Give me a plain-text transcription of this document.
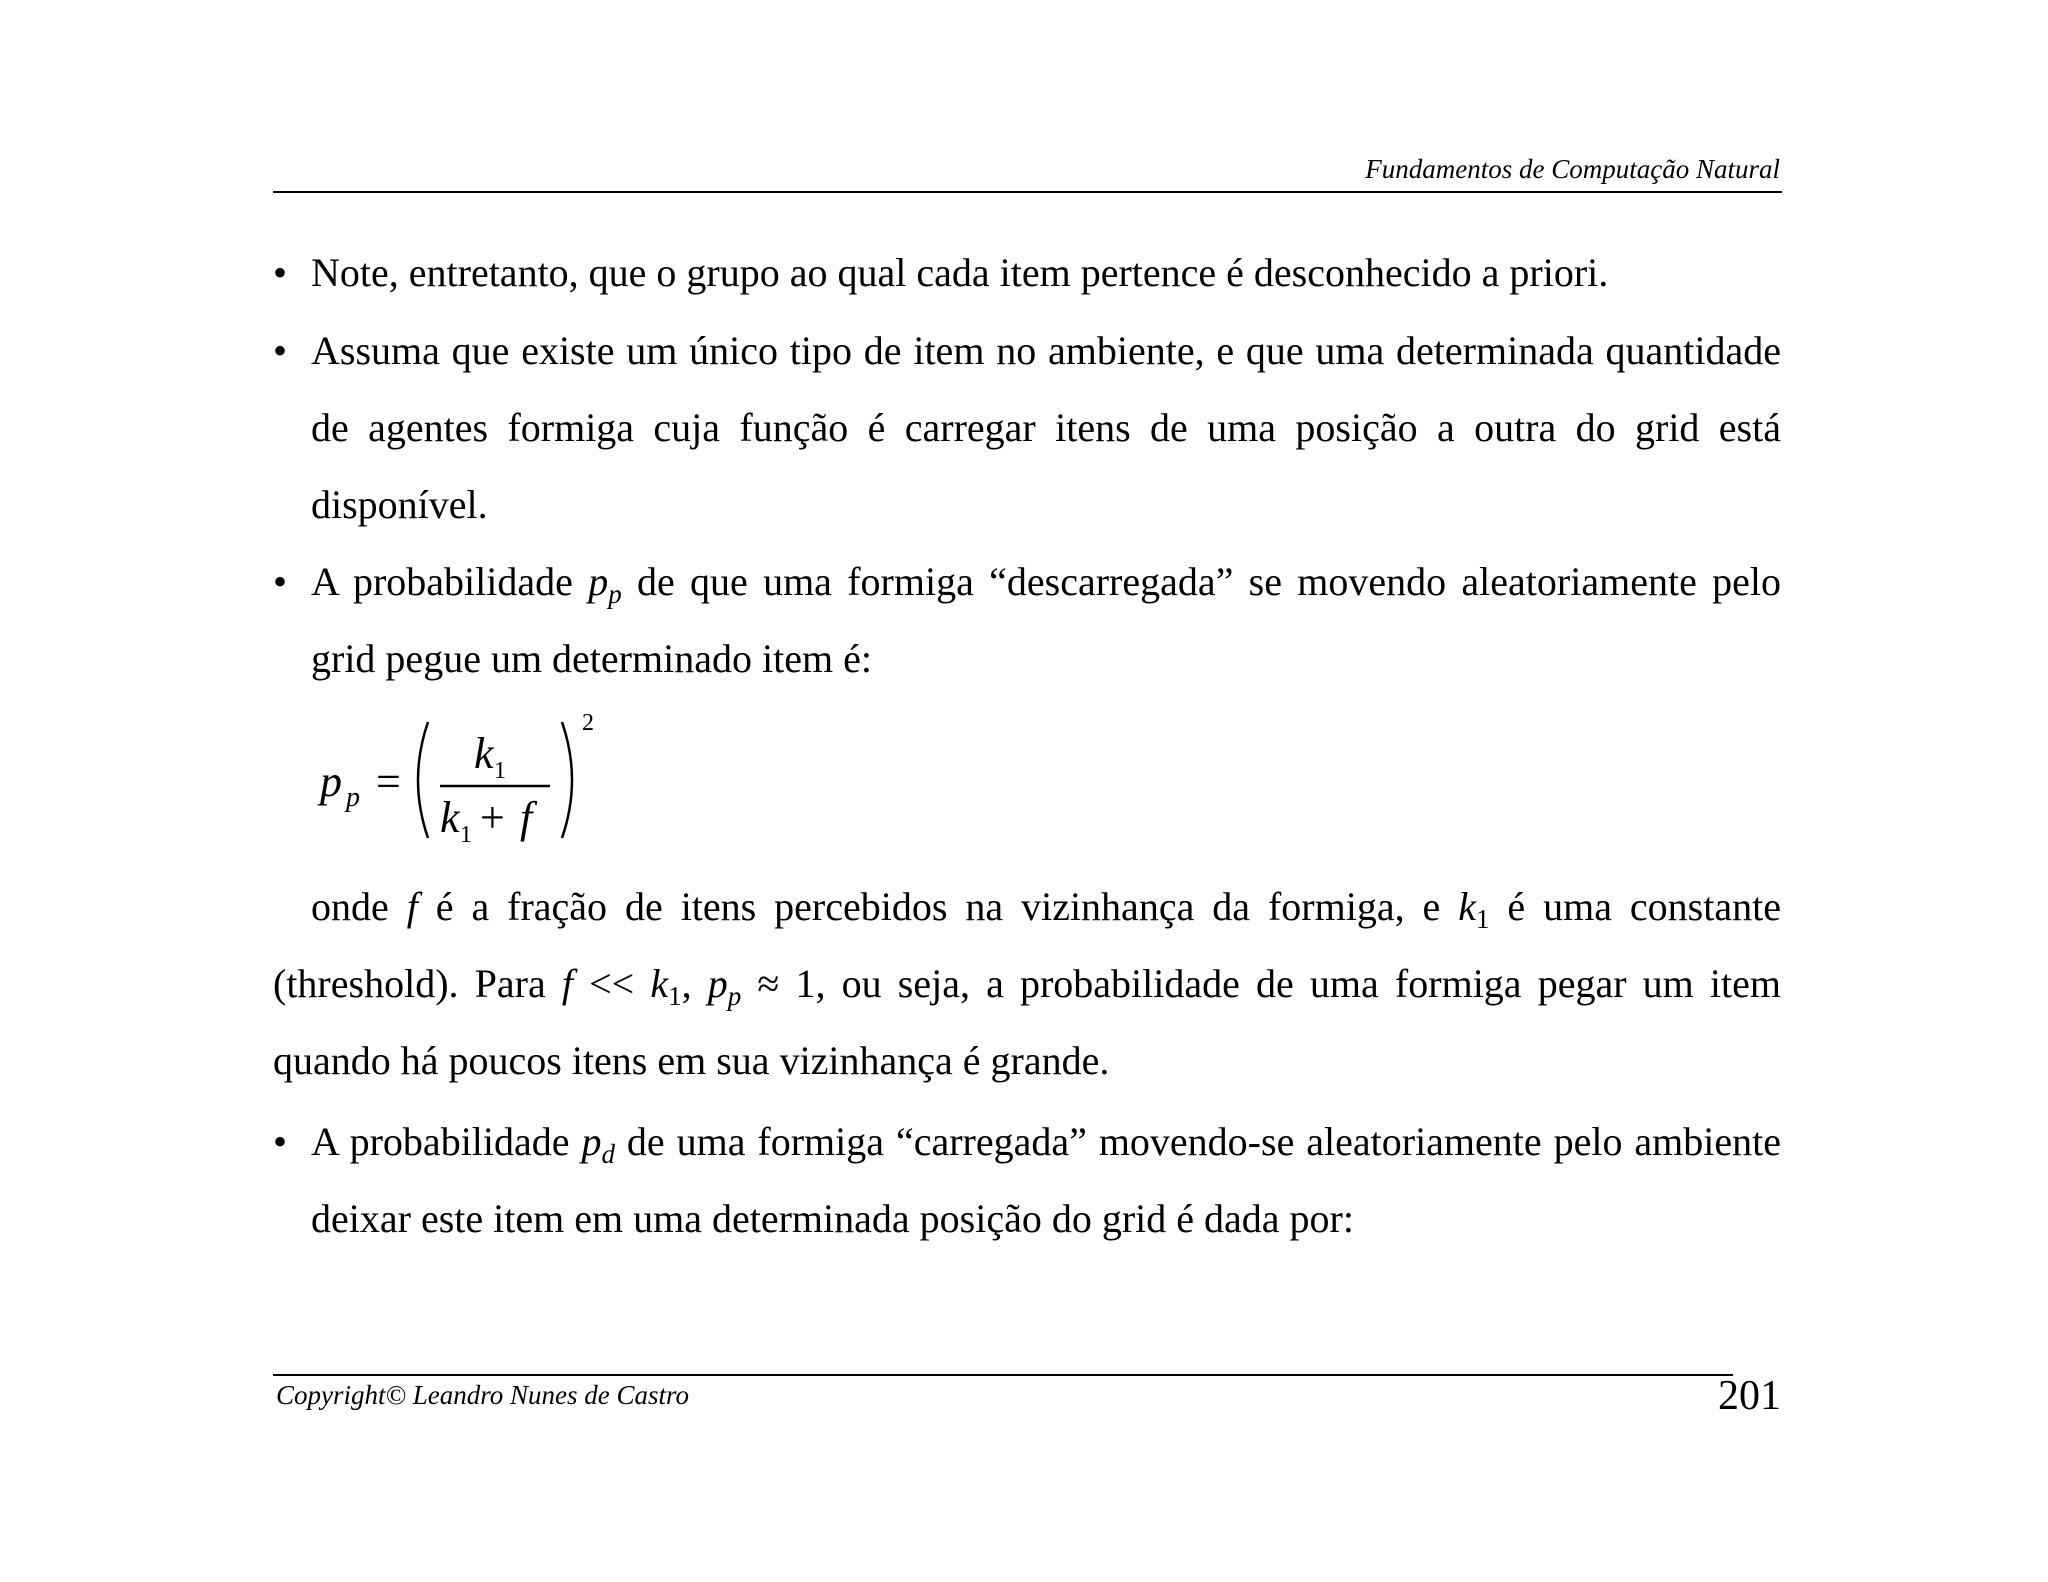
Fundamentos de Computação Natural
• Note, entretanto, que o grupo ao qual cada item pertence é desconhecido a priori.
• Assuma que existe um único tipo de item no ambiente, e que uma determinada quantidade de agentes formiga cuja função é carregar itens de uma posição a outra do grid está disponível.
• A probabilidade $p_p$ de que uma formiga “descarregada” se movendo aleatoriamente pelo grid pegue um determinado item é:
p p =
k 1
k 1 + f
2
onde f é a fração de itens percebidos na vizinhança da formiga, e $k_1$ é uma constante (threshold). Para $f << k_1$, $p_p \approx 1$, ou seja, a probabilidade de uma formiga pegar um item quando há poucos itens em sua vizinhança é grande.
• A probabilidade $p_d$ de uma formiga “carregada” movendo-se aleatoriamente pelo ambiente deixar este item em uma determinada posição do grid é dada por:
Copyright© Leandro Nunes de Castro	201
